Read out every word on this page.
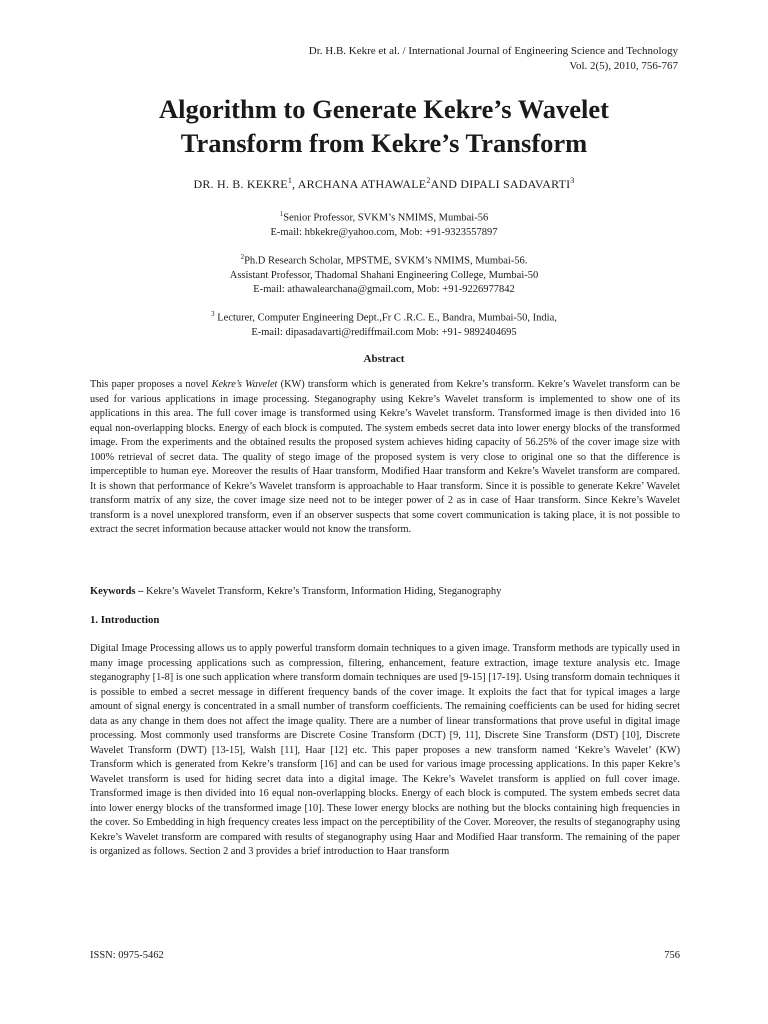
Dr. H.B. Kekre et al. / International Journal of Engineering Science and Technology
Vol. 2(5), 2010, 756-767
Algorithm to Generate Kekre’s Wavelet
Transform from Kekre’s Transform
DR. H. B. KEKRE$^1$, ARCHANA ATHAWALE$^2$AND DIPALI SADAVARTI$^3$
$^1$Senior Professor, SVKM’s NMIMS, Mumbai-56
E-mail: hbkekre@yahoo.com, Mob: +91-9323557897
$^2$Ph.D Research Scholar, MPSTME, SVKM’s NMIMS, Mumbai-56.
Assistant Professor, Thadomal Shahani Engineering College, Mumbai-50
E-mail: athawalearchana@gmail.com, Mob: +91-9226977842
$^3$ Lecturer, Computer Engineering Dept.,Fr C .R.C. E., Bandra, Mumbai-50, India,
E-mail: dipasadavarti@rediffmail.com Mob: +91- 9892404695
Abstract

This paper proposes a novel Kekre’s Wavelet (KW) transform which is generated from Kekre’s transform. Kekre’s Wavelet transform can be used for various applications in image processing. Steganography using Kekre’s Wavelet transform is implemented to show one of its applications in this area. The full cover image is transformed using Kekre’s Wavelet transform. Transformed image is then divided into 16 equal non-overlapping blocks. Energy of each block is computed. The system embeds secret data into lower energy blocks of the transformed image. From the experiments and the obtained results the proposed system achieves hiding capacity of 56.25% of the cover image size with 100% retrieval of secret data. The quality of stego image of the proposed system is very close to original one so that the difference is imperceptible to human eye. Moreover the results of Haar transform, Modified Haar transform and Kekre’s Wavelet transform are compared. It is shown that performance of Kekre’s Wavelet transform is approachable to Haar transform. Since it is possible to generate Kekre’ Wavelet transform matrix of any size, the cover image size need not to be integer power of 2 as in case of Haar transform. Since Kekre’s Wavelet transform is a novel unexplored transform, even if an observer suspects that some covert communication is taking place, it is not possible to extract the secret information because attacker would not know the transform.

Keywords – Kekre’s Wavelet Transform, Kekre’s Transform, Information Hiding, Steganography
1. Introduction

Digital Image Processing allows us to apply powerful transform domain techniques to a given image. Transform methods are typically used in many image processing applications such as compression, filtering, enhancement, feature extraction, image texture analysis etc. Image steganography [1-8] is one such application where transform domain techniques are used [9-15] [17-19]. Using transform domain techniques it is possible to embed a secret message in different frequency bands of the cover image. It exploits the fact that for typical images a large amount of signal energy is concentrated in a small number of transform coefficients. The remaining coefficients can be used for hiding secret data as any change in them does not affect the image quality. There are a number of linear transformations that prove useful in digital image processing. Most commonly used transforms are Discrete Cosine Transform (DCT) [9, 11], Discrete Sine Transform (DST) [10], Discrete Wavelet Transform (DWT) [13-15], Walsh [11], Haar [12] etc. This paper proposes a new transform named ‘Kekre’s Wavelet’ (KW) Transform which is generated from Kekre’s transform [16] and can be used for various image processing applications. In this paper Kekre’s Wavelet transform is used for hiding secret data into a digital image. The Kekre’s Wavelet transform is applied on full cover image. Transformed image is then divided into 16 equal non-overlapping blocks. Energy of each block is computed. The system embeds secret data into lower energy blocks of the transformed image [10]. These lower energy blocks are nothing but the blocks containing high frequencies in the cover. So Embedding in high frequency creates less impact on the perceptibility of the Cover. Moreover, the results of steganography using Kekre’s Wavelet transform are compared with results of steganography using Haar and Modified Haar transform. The remaining of the paper is organized as follows. Section 2 and 3 provides a brief introduction to Haar transform

ISSN: 0975-5462	756
